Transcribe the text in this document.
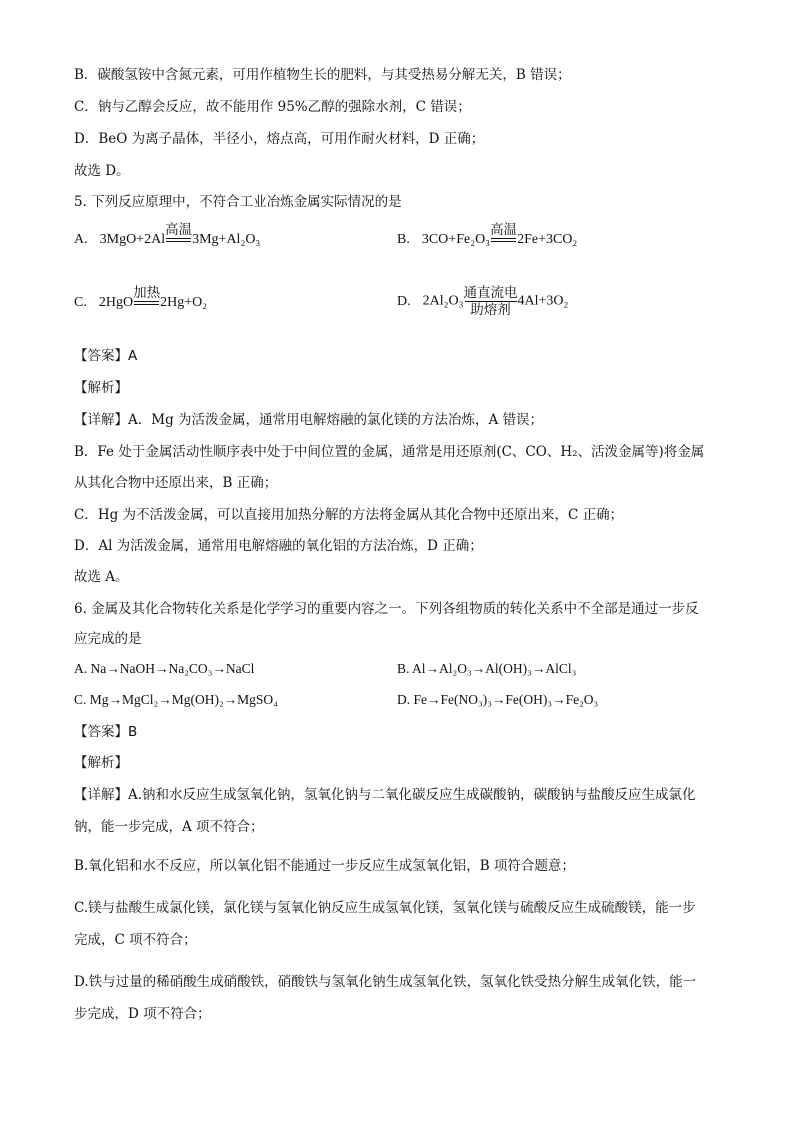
B．碳酸氢铵中含氮元素，可用作植物生长的肥料，与其受热易分解无关，B 错误；
C．钠与乙醇会反应，故不能用作 95%乙醇的强除水剂，C 错误；
D．BeO 为离子晶体，半径小，熔点高，可用作耐火材料，D 正确；
故选 D。
5. 下列反应原理中，不符合工业冶炼金属实际情况的是
A. 3MgO+2Al
高温

3Mg+Al₂O₃	B. 3CO+Fe₂O₃
高温

2Fe+3CO₂
C. 2HgO
加热

2Hg+O₂	D. 2Al₂O₃
通直流电
助熔剂
4Al+3O₂
【答案】A
【解析】
【详解】A．Mg 为活泼金属，通常用电解熔融的氯化镁的方法冶炼，A 错误；
B．Fe 处于金属活动性顺序表中处于中间位置的金属，通常是用还原剂(C、CO、H₂、活泼金属等)将金属
从其化合物中还原出来，B 正确；
C．Hg 为不活泼金属，可以直接用加热分解的方法将金属从其化合物中还原出来，C 正确；
D．Al 为活泼金属，通常用电解熔融的氧化铝的方法冶炼，D 正确；
故选 A。
6. 金属及其化合物转化关系是化学学习的重要内容之一。下列各组物质的转化关系中不全部是通过一步反
应完成的是
A. Na→NaOH→Na₂CO₃→NaCl	B. Al→Al₂O₃→Al(OH)₃→AlCl₃
C. Mg→MgCl₂→Mg(OH)₂→MgSO₄	D. Fe→Fe(NO₃)₃→Fe(OH)₃→Fe₂O₃
【答案】B
【解析】
【详解】A.钠和水反应生成氢氧化钠，氢氧化钠与二氧化碳反应生成碳酸钠，碳酸钠与盐酸反应生成氯化
钠，能一步完成，A 项不符合；
B.氧化铝和水不反应，所以氧化铝不能通过一步反应生成氢氧化铝，B 项符合题意；
C.镁与盐酸生成氯化镁，氯化镁与氢氧化钠反应生成氢氧化镁，氢氧化镁与硫酸反应生成硫酸镁，能一步
完成，C 项不符合；
D.铁与过量的稀硝酸生成硝酸铁，硝酸铁与氢氧化钠生成氢氧化铁，氢氧化铁受热分解生成氧化铁，能一
步完成，D 项不符合；
